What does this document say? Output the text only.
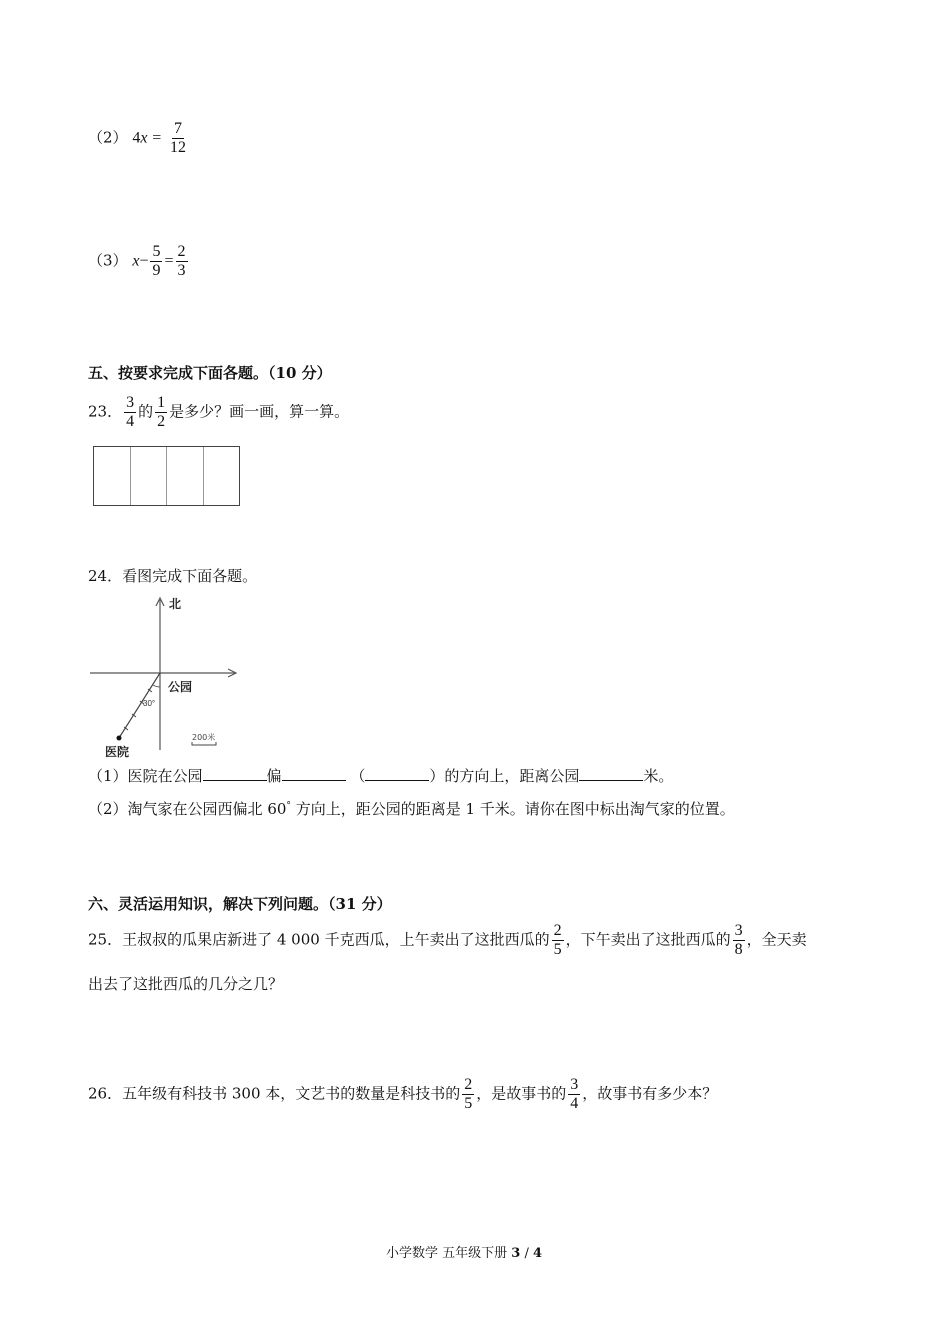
（2） $4x = \frac{7}{12}$
（3） $x- \frac{5}{9} = \frac{2}{3}$
五、按要求完成下面各题。（10 分）
23． $\frac{3}{4}$ 的 $\frac{1}{2}$ 是多少？画一画，算一算。
24．看图完成下面各题。
30°
北
公园
医院
200米
（1）医院在公园	偏	（	）的方向上，距离公园	米。
（2）淘气家在公园西偏北 60° 方向上，距公园的距离是 1 千米。请你在图中标出淘气家的位置。
六、灵活运用知识，解决下列问题。（31 分）
25．王叔叔的瓜果店新进了 4 000 千克西瓜，上午卖出了这批西瓜的 $\frac{2}{5}$ ，下午卖出了这批西瓜的 $\frac{3}{8}$ ，全天卖
出去了这批西瓜的几分之几？
26．五年级有科技书 300 本，文艺书的数量是科技书的 $\frac{2}{5}$ ，是故事书的 $\frac{3}{4}$ ，故事书有多少本？
小学数学 五年级下册 3 / 4
